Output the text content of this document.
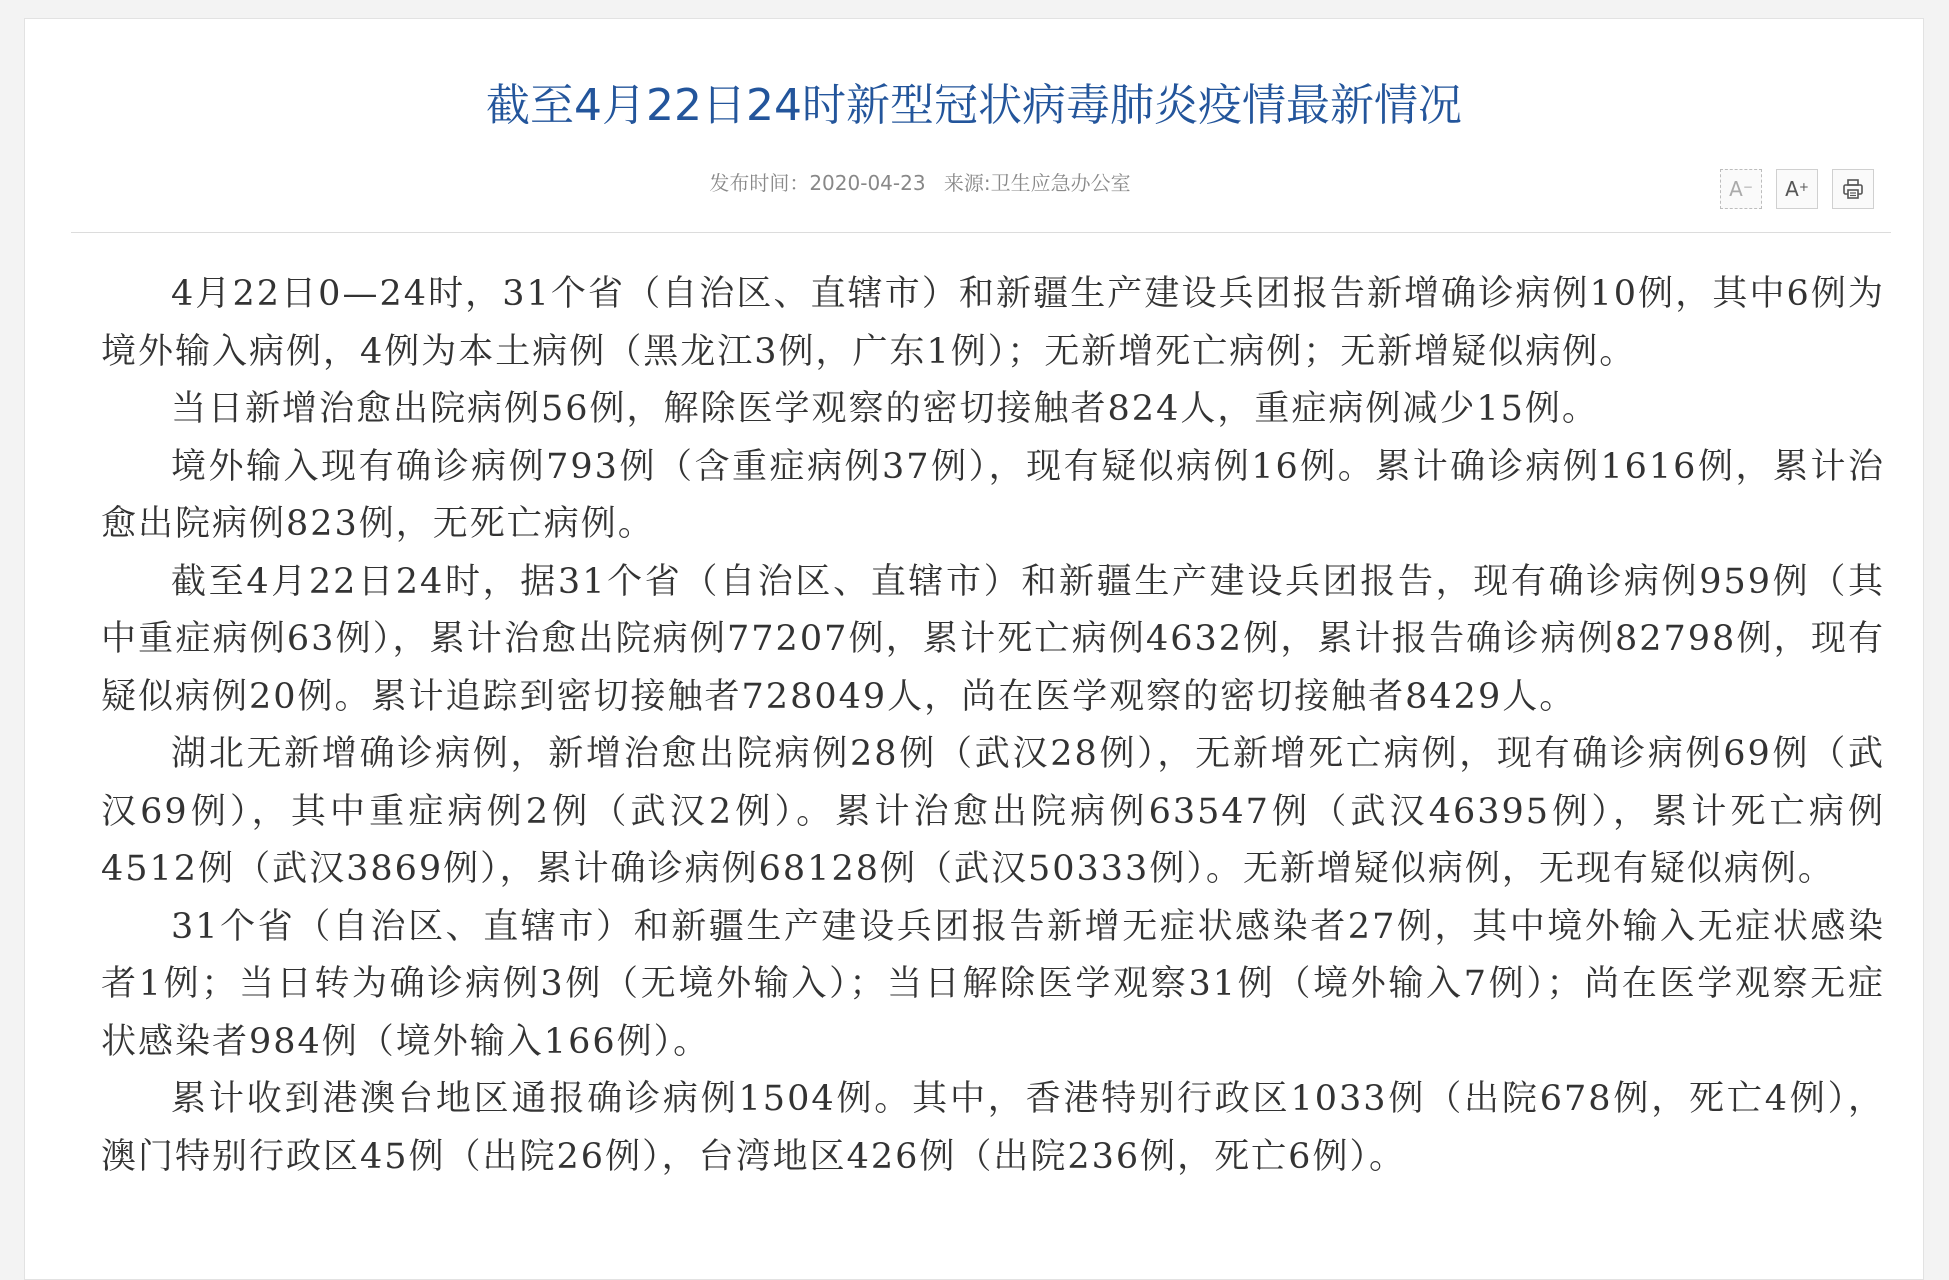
截至4月22日24时新型冠状病毒肺炎疫情最新情况
发布时间：2020-04-23 来源:卫生应急办公室	A− A+

4月22日0—24时，31个省（自治区、直辖市）和新疆生产建设兵团报告新增确诊病例10例，其中6例为境外输入病例，4例为本土病例（黑龙江3例，广东1例）；无新增死亡病例；无新增疑似病例。

当日新增治愈出院病例56例，解除医学观察的密切接触者824人，重症病例减少15例。

境外输入现有确诊病例793例（含重症病例37例），现有疑似病例16例。累计确诊病例1616例，累计治愈出院病例823例，无死亡病例。

截至4月22日24时，据31个省（自治区、直辖市）和新疆生产建设兵团报告，现有确诊病例959例（其中重症病例63例），累计治愈出院病例77207例，累计死亡病例4632例，累计报告确诊病例82798例，现有疑似病例20例。累计追踪到密切接触者728049人，尚在医学观察的密切接触者8429人。

湖北无新增确诊病例，新增治愈出院病例28例（武汉28例），无新增死亡病例，现有确诊病例69例（武汉69例），其中重症病例2例（武汉2例）。累计治愈出院病例63547例（武汉46395例），累计死亡病例4512例（武汉3869例），累计确诊病例68128例（武汉50333例）。无新增疑似病例，无现有疑似病例。

31个省（自治区、直辖市）和新疆生产建设兵团报告新增无症状感染者27例，其中境外输入无症状感染者1例；当日转为确诊病例3例（无境外输入）；当日解除医学观察31例（境外输入7例）；尚在医学观察无症状感染者984例（境外输入166例）。

累计收到港澳台地区通报确诊病例1504例。其中，香港特别行政区1033例（出院678例，死亡4例），澳门特别行政区45例（出院26例），台湾地区426例（出院236例，死亡6例）。
